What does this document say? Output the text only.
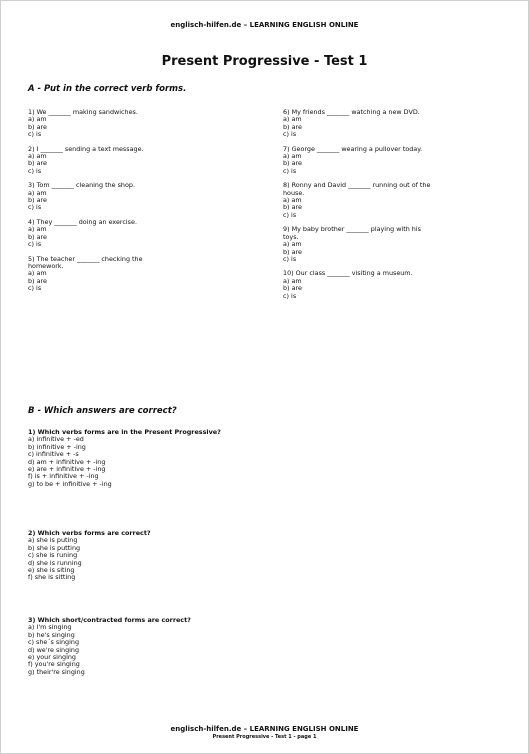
englisch-hilfen.de – LEARNING ENGLISH ONLINE
Present Progressive - Test 1
A - Put in the correct verb forms.
1) We _______ making sandwiches.
a) am
b) are
c) is
2) I _______ sending a text message.
a) am
b) are
c) is
3) Tom _______ cleaning the shop.
a) am
b) are
c) is
4) They _______ doing an exercise.
a) am
b) are
c) is
5) The teacher _______ checking the
homework.
a) am
b) are
c) is
6) My friends _______ watching a new DVD.
a) am
b) are
c) is
7) George _______ wearing a pullover today.
a) am
b) are
c) is
8) Ronny and David _______ running out of the
house.
a) am
b) are
c) is
9) My baby brother _______ playing with his
toys.
a) am
b) are
c) is
10) Our class _______ visiting a museum.
a) am
b) are
c) is
B - Which answers are correct?
1) Which verbs forms are in the Present Progressive?
a) infinitive + -ed
b) infinitive + -ing
c) infinitive + -s
d) am + infinitive + -ing
e) are + infinitive + -ing
f) is + infinitive + -ing
g) to be + infinitive + -ing
2) Which verbs forms are correct?
a) she is puting
b) she is putting
c) she is runing
d) she is running
e) she is siting
f) she is sitting
3) Which short/contracted forms are correct?
a) I'm singing
b) he's singing
c) she´s singing
d) we're singing
e) your singing
f) you're singing
g) their're singing
englisch-hilfen.de – LEARNING ENGLISH ONLINE
Present Progressive - Test 1 - page 1
